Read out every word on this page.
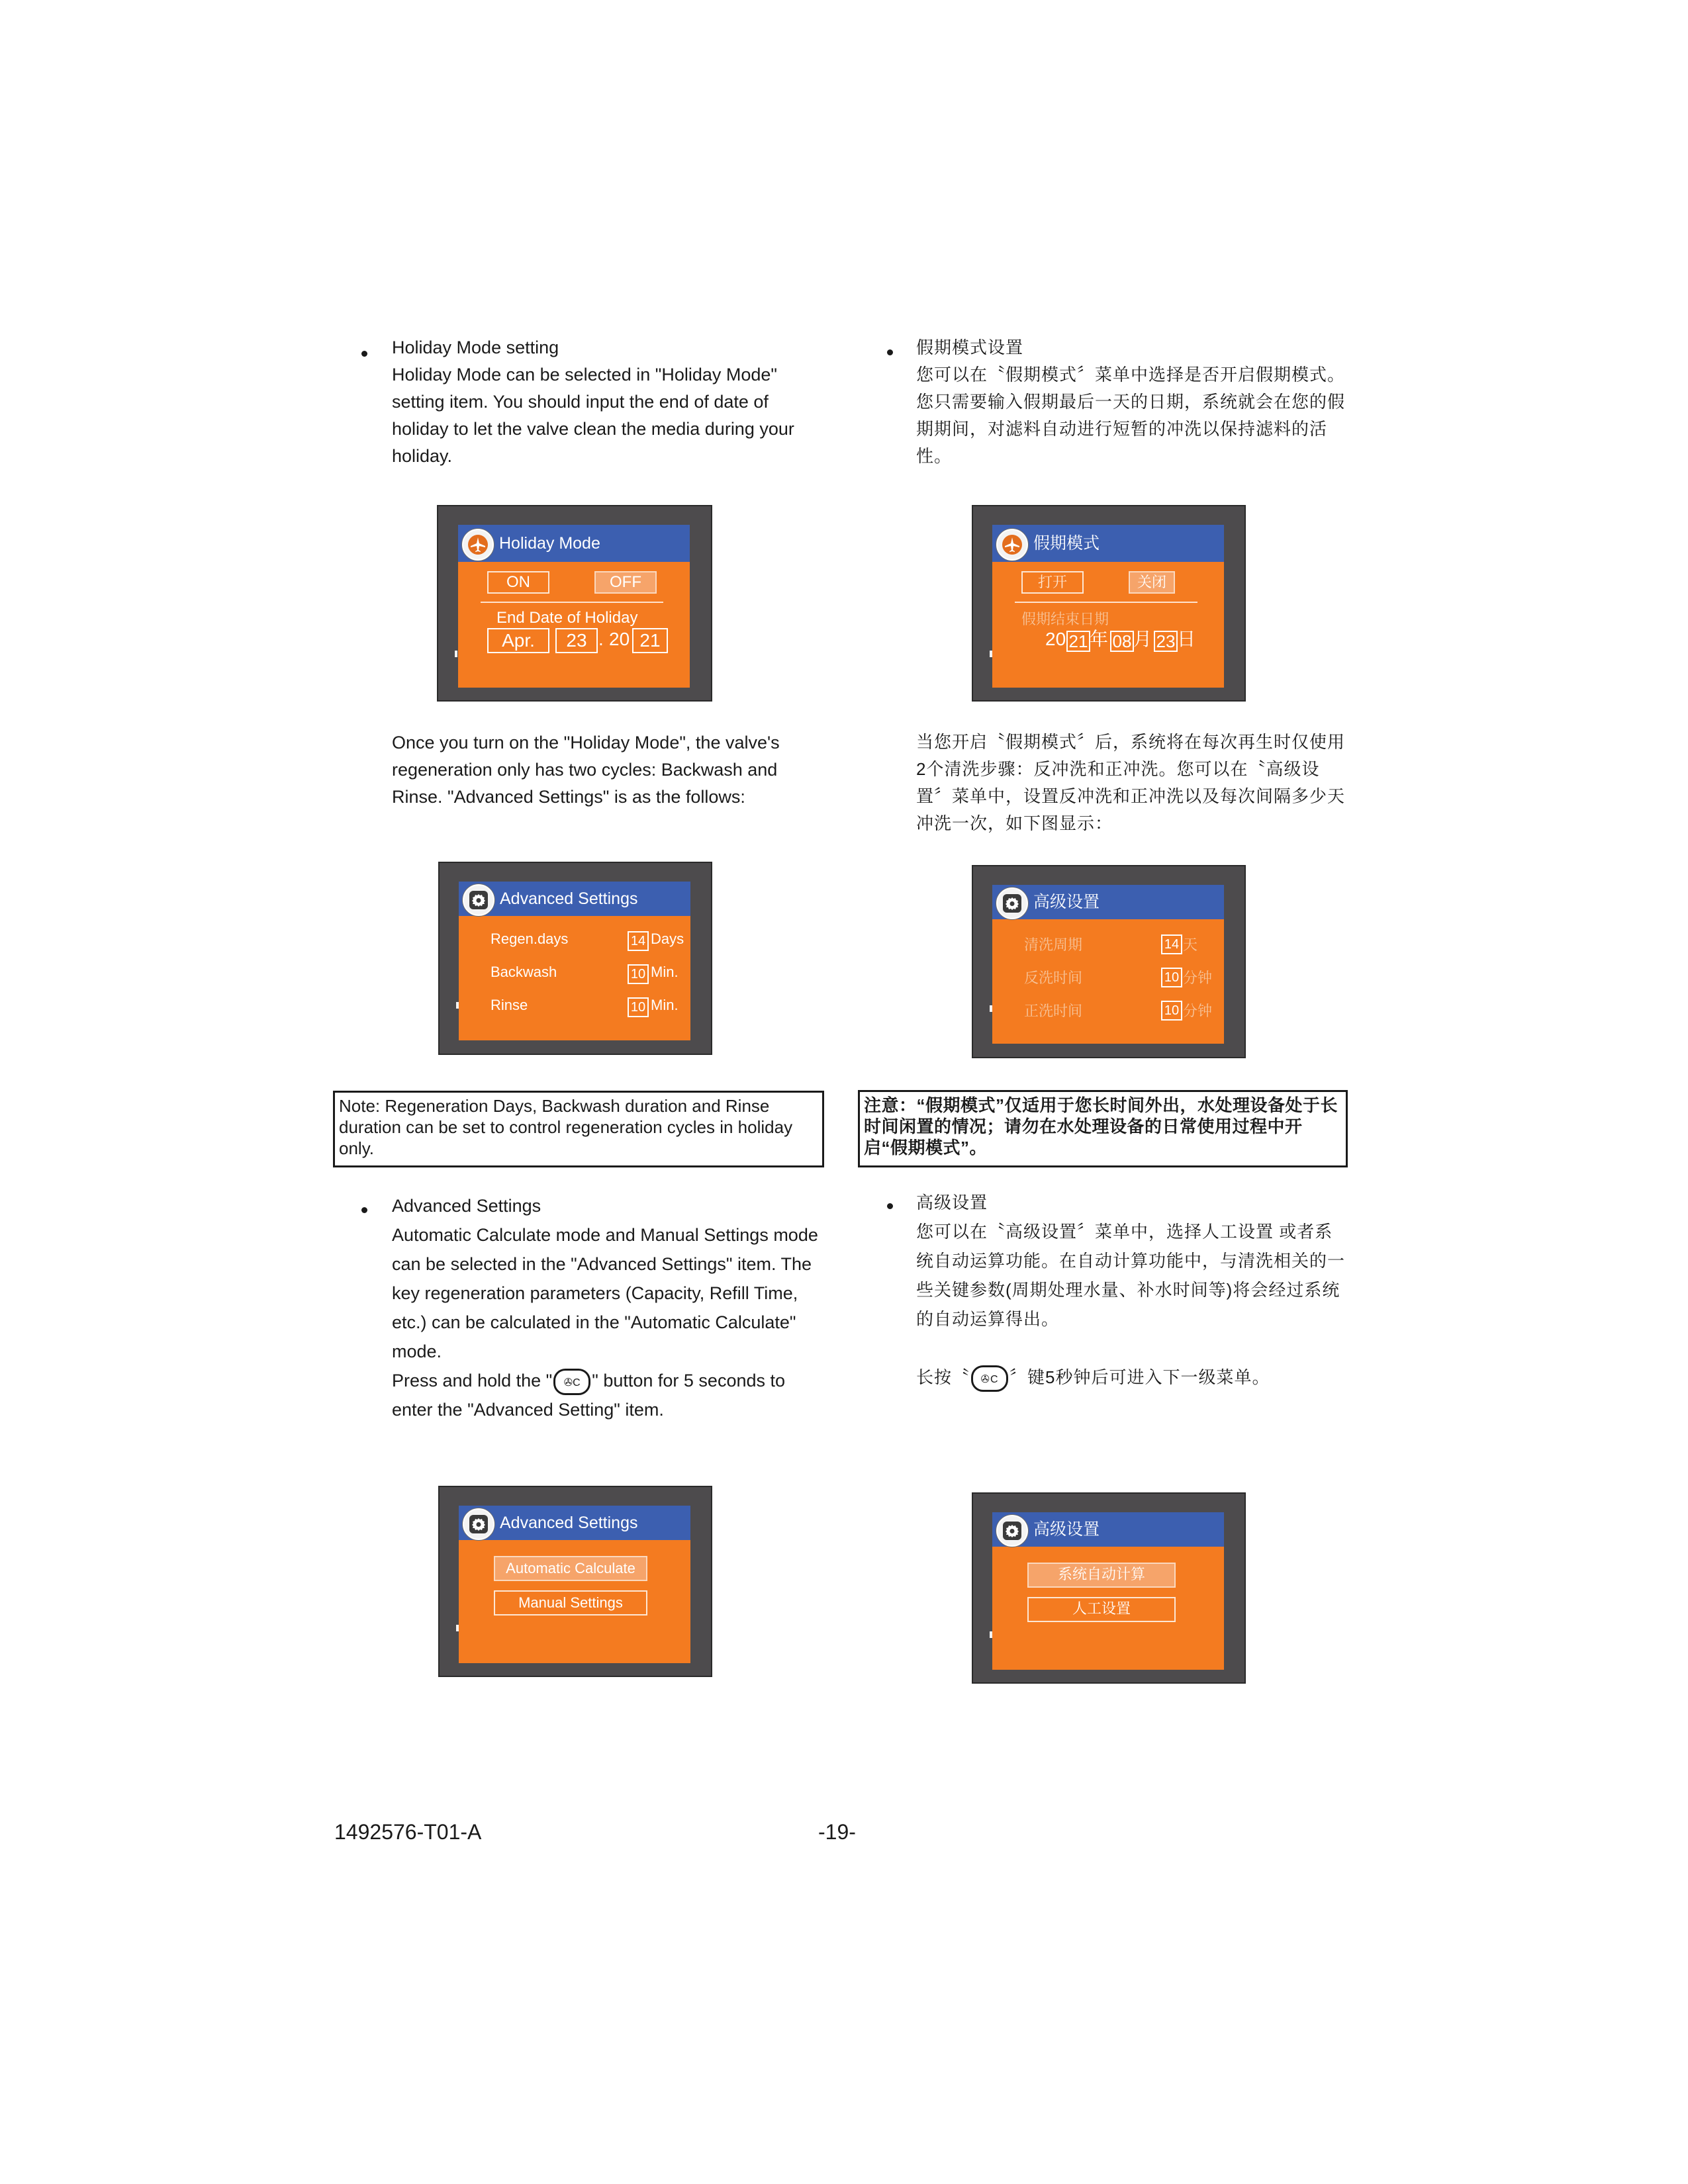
Holiday Mode setting
Holiday Mode can be selected in "Holiday Mode"
setting item. You should input the end of date of
holiday to let the valve clean the media during your
holiday.
Holiday Mode
ON	OFF
End Date of Holiday
Apr.	23 . 20 21
Once you turn on the "Holiday Mode", the valve's
regeneration only has two cycles: Backwash and
Rinse. "Advanced Settings" is as the follows:
Advanced Settings
Regen.days	14 Days
Backwash	10 Min.
Rinse	10 Min.
Note: Regeneration Days, Backwash duration and Rinse duration can be set to control regeneration cycles in holiday only.
Advanced Settings
Automatic Calculate mode and Manual Settings mode
can be selected in the "Advanced Settings" item. The
key regeneration parameters (Capacity, Refill Time,
etc.) can be calculated in the "Automatic Calculate"
mode.
Press and hold the " ✇C " button for 5 seconds to
enter the "Advanced Setting" item.
Advanced Settings
Automatic Calculate
Manual Settings
假期模式设置
您可以在〝假期模式〞菜单中选择是否开启假期模式。
您只需要输入假期最后一天的日期，系统就会在您的假
期期间，对滤料自动进行短暂的冲洗以保持滤料的活
性。
假期模式
打开	关闭
假期结束日期
20 21 年 08 月 23 日
当您开启〝假期模式〞后，系统将在每次再生时仅使用
2个清洗步骤：反冲洗和正冲洗。您可以在〝高级设
置〞菜单中，设置反冲洗和正冲洗以及每次间隔多少天
冲洗一次，如下图显示：
高级设置
清洗周期	14 天
反洗时间	10 分钟
正洗时间	10 分钟
注意：“假期模式”仅适用于您长时间外出，水处理设备处于长时间闲置的情况；请勿在水处理设备的日常使用过程中开启“假期模式”。
高级设置
您可以在〝高级设置〞菜单中，选择人工设置 或者系
统自动运算功能。在自动计算功能中，与清洗相关的一
些关键参数(周期处理水量、补水时间等)将会经过系统
的自动运算得出。
长按〝 ✇C 〞键5秒钟后可进入下一级菜单。
高级设置
系统自动计算
人工设置
1492576-T01-A	-19-
